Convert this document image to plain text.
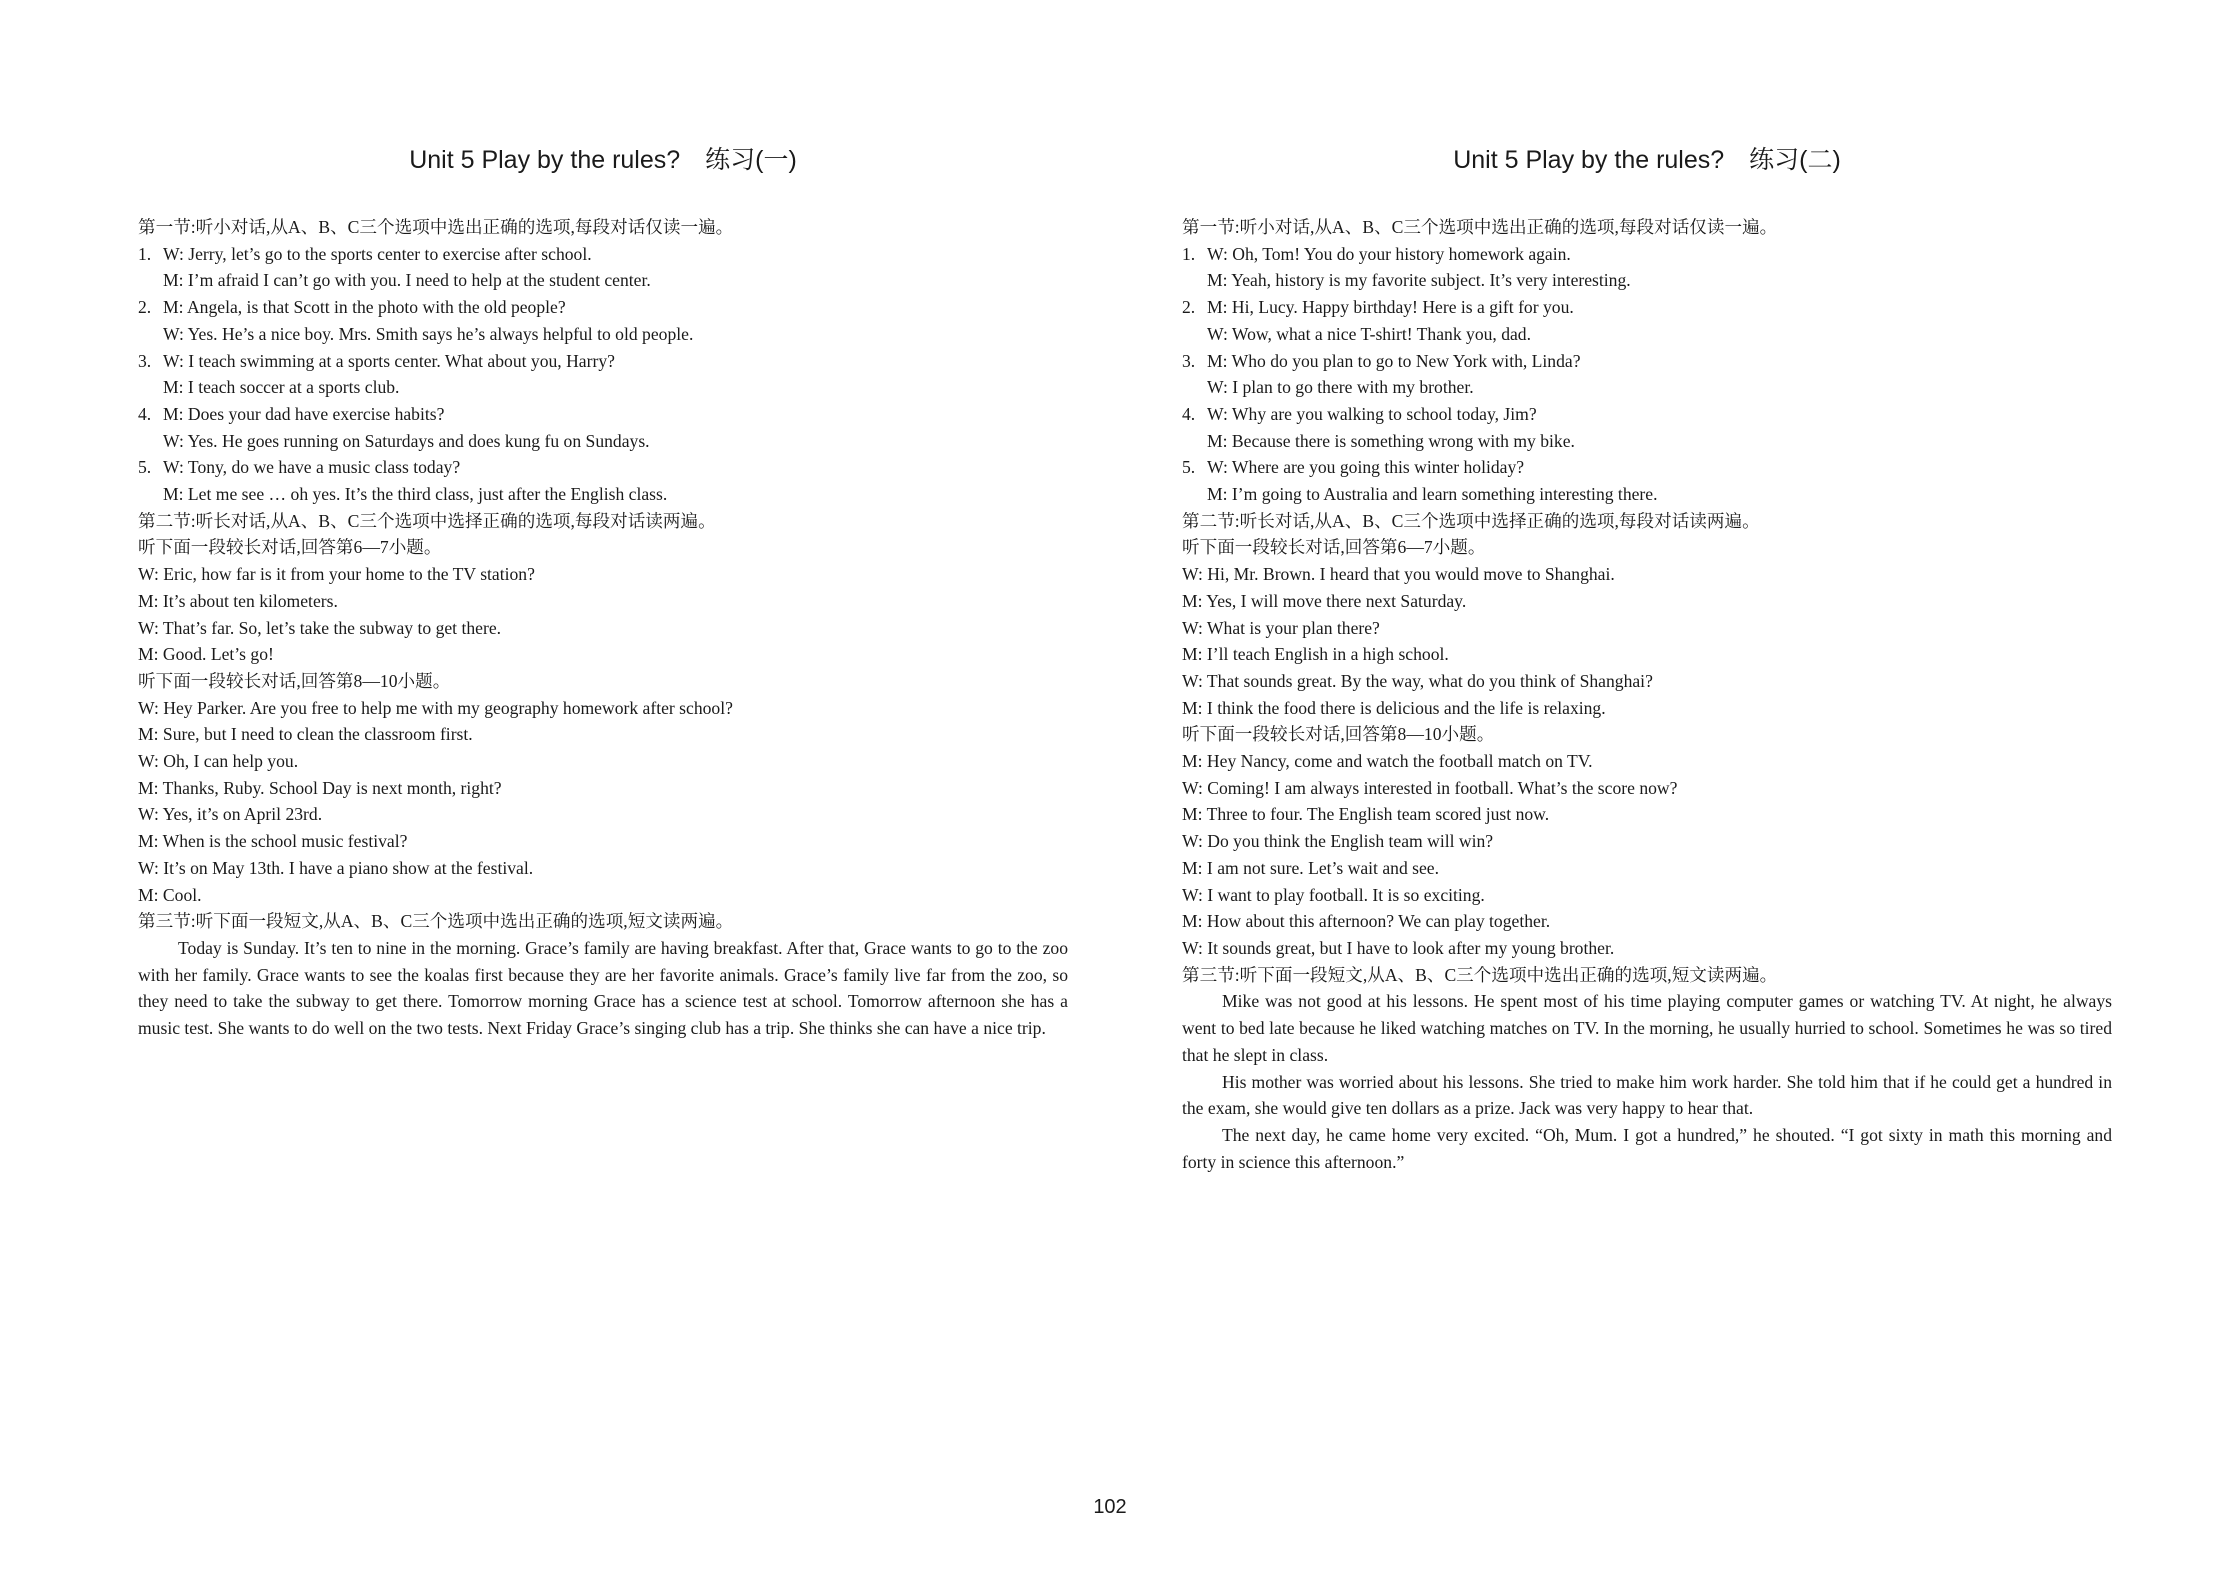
Unit 5 Play by the rules?　练习(一)
第一节:听小对话,从A、B、C三个选项中选出正确的选项,每段对话仅读一遍。
1. W: Jerry, let’s go to the sports center to exercise after school.
M: I’m afraid I can’t go with you. I need to help at the student center.
2. M: Angela, is that Scott in the photo with the old people?
W: Yes. He’s a nice boy. Mrs. Smith says he’s always helpful to old people.
3. W: I teach swimming at a sports center. What about you, Harry?
M: I teach soccer at a sports club.
4. M: Does your dad have exercise habits?
W: Yes. He goes running on Saturdays and does kung fu on Sundays.
5. W: Tony, do we have a music class today?
M: Let me see … oh yes. It’s the third class, just after the English class.
第二节:听长对话,从A、B、C三个选项中选择正确的选项,每段对话读两遍。
听下面一段较长对话,回答第6—7小题。
W: Eric, how far is it from your home to the TV station?
M: It’s about ten kilometers.
W: That’s far. So, let’s take the subway to get there.
M: Good. Let’s go!
听下面一段较长对话,回答第8—10小题。
W: Hey Parker. Are you free to help me with my geography homework after school?
M: Sure, but I need to clean the classroom first.
W: Oh, I can help you.
M: Thanks, Ruby. School Day is next month, right?
W: Yes, it’s on April 23rd.
M: When is the school music festival?
W: It’s on May 13th. I have a piano show at the festival.
M: Cool.
第三节:听下面一段短文,从A、B、C三个选项中选出正确的选项,短文读两遍。
Today is Sunday. It’s ten to nine in the morning. Grace’s family are having breakfast. After that, Grace wants to go to the zoo with her family. Grace wants to see the koalas first because they are her favorite animals. Grace’s family live far from the zoo, so they need to take the subway to get there. Tomorrow morning Grace has a science test at school. Tomorrow afternoon she has a music test. She wants to do well on the two tests. Next Friday Grace’s singing club has a trip. She thinks she can have a nice trip.
Unit 5 Play by the rules?　练习(二)
第一节:听小对话,从A、B、C三个选项中选出正确的选项,每段对话仅读一遍。
1. W: Oh, Tom! You do your history homework again.
M: Yeah, history is my favorite subject. It’s very interesting.
2. M: Hi, Lucy. Happy birthday! Here is a gift for you.
W: Wow, what a nice T-shirt! Thank you, dad.
3. M: Who do you plan to go to New York with, Linda?
W: I plan to go there with my brother.
4. W: Why are you walking to school today, Jim?
M: Because there is something wrong with my bike.
5. W: Where are you going this winter holiday?
M: I’m going to Australia and learn something interesting there.
第二节:听长对话,从A、B、C三个选项中选择正确的选项,每段对话读两遍。
听下面一段较长对话,回答第6—7小题。
W: Hi, Mr. Brown. I heard that you would move to Shanghai.
M: Yes, I will move there next Saturday.
W: What is your plan there?
M: I’ll teach English in a high school.
W: That sounds great. By the way, what do you think of Shanghai?
M: I think the food there is delicious and the life is relaxing.
听下面一段较长对话,回答第8—10小题。
M: Hey Nancy, come and watch the football match on TV.
W: Coming! I am always interested in football. What’s the score now?
M: Three to four. The English team scored just now.
W: Do you think the English team will win?
M: I am not sure. Let’s wait and see.
W: I want to play football. It is so exciting.
M: How about this afternoon? We can play together.
W: It sounds great, but I have to look after my young brother.
第三节:听下面一段短文,从A、B、C三个选项中选出正确的选项,短文读两遍。
Mike was not good at his lessons. He spent most of his time playing computer games or watching TV. At night, he always went to bed late because he liked watching matches on TV. In the morning, he usually hurried to school. Sometimes he was so tired that he slept in class.
His mother was worried about his lessons. She tried to make him work harder. She told him that if he could get a hundred in the exam, she would give ten dollars as a prize. Jack was very happy to hear that.
The next day, he came home very excited. “Oh, Mum. I got a hundred,” he shouted. “I got sixty in math this morning and forty in science this afternoon.”
102
